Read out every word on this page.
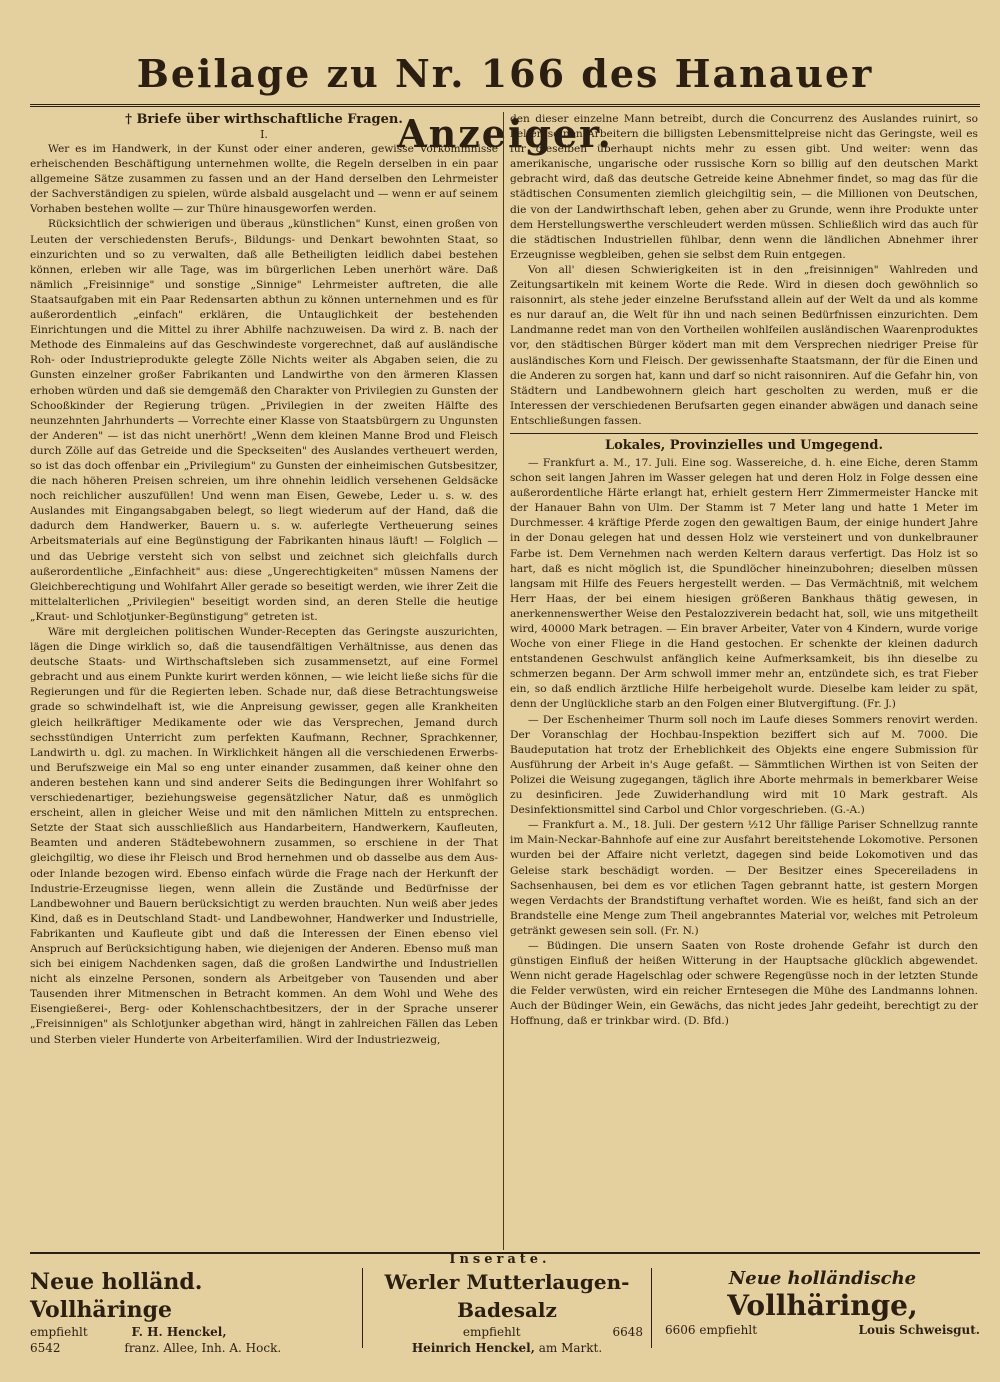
Beilage zu Nr. 166 des Hanauer Anzeiger.
† Briefe über wirthschaftliche Fragen.
I.

Wer es im Handwerk, in der Kunst oder einer anderen, gewisse Vorkommnisse erheischenden Beschäftigung unternehmen wollte, die Regeln derselben in ein paar allgemeine Sätze zusammen zu fassen und an der Hand derselben den Lehrmeister der Sachverständigen zu spielen, würde alsbald ausgelacht und — wenn er auf seinem Vorhaben bestehen wollte — zur Thüre hinausgeworfen werden.

Rücksichtlich der schwierigen und überaus „künstlichen" Kunst, einen großen von Leuten der verschiedensten Berufs-, Bildungs- und Denkart bewohnten Staat, so einzurichten und so zu verwalten, daß alle Betheiligten leidlich dabei bestehen können, erleben wir alle Tage, was im bürgerlichen Leben unerhört wäre. Daß nämlich „Freisinnige" und sonstige „Sinnige" Lehrmeister auftreten, die alle Staatsaufgaben mit ein Paar Redensarten abthun zu können unternehmen und es für außerordentlich „einfach" erklären, die Untauglichkeit der bestehenden Einrichtungen und die Mittel zu ihrer Abhilfe nachzuweisen. Da wird z. B. nach der Methode des Einmaleins auf das Geschwindeste vorgerechnet, daß auf ausländische Roh- oder Industrieprodukte gelegte Zölle Nichts weiter als Abgaben seien, die zu Gunsten einzelner großer Fabrikanten und Landwirthe von den ärmeren Klassen erhoben würden und daß sie demgemäß den Charakter von Privilegien zu Gunsten der Schooßkinder der Regierung trügen. „Privilegien in der zweiten Hälfte des neunzehnten Jahrhunderts — Vorrechte einer Klasse von Staatsbürgern zu Ungunsten der Anderen" — ist das nicht unerhört! „Wenn dem kleinen Manne Brod und Fleisch durch Zölle auf das Getreide und die Speckseiten" des Auslandes vertheuert werden, so ist das doch offenbar ein „Privilegium" zu Gunsten der einheimischen Gutsbesitzer, die nach höheren Preisen schreien, um ihre ohnehin leidlich versehenen Geldsäcke noch reichlicher auszufüllen! Und wenn man Eisen, Gewebe, Leder u. s. w. des Auslandes mit Eingangsabgaben belegt, so liegt wiederum auf der Hand, daß die dadurch dem Handwerker, Bauern u. s. w. auferlegte Vertheuerung seines Arbeitsmaterials auf eine Begünstigung der Fabrikanten hinaus läuft! — Folglich — und das Uebrige versteht sich von selbst und zeichnet sich gleichfalls durch außerordentliche „Einfachheit" aus: diese „Ungerechtigkeiten" müssen Namens der Gleichberechtigung und Wohlfahrt Aller gerade so beseitigt werden, wie ihrer Zeit die mittelalterlichen „Privilegien" beseitigt worden sind, an deren Stelle die heutige „Kraut- und Schlotjunker-Begünstigung" getreten ist.

Wäre mit dergleichen politischen Wunder-Recepten das Geringste auszurichten, lägen die Dinge wirklich so, daß die tausendfältigen Verhältnisse, aus denen das deutsche Staats- und Wirthschaftsleben sich zusammensetzt, auf eine Formel gebracht und aus einem Punkte kurirt werden können, — wie leicht ließe sichs für die Regierungen und für die Regierten leben. Schade nur, daß diese Betrachtungsweise grade so schwindelhaft ist, wie die Anpreisung gewisser, gegen alle Krankheiten gleich heilkräftiger Medikamente oder wie das Versprechen, Jemand durch sechsstündigen Unterricht zum perfekten Kaufmann, Rechner, Sprachkenner, Landwirth u. dgl. zu machen. In Wirklichkeit hängen all die verschiedenen Erwerbs- und Berufszweige ein Mal so eng unter einander zusammen, daß keiner ohne den anderen bestehen kann und sind anderer Seits die Bedingungen ihrer Wohlfahrt so verschiedenartiger, beziehungsweise gegensätzlicher Natur, daß es unmöglich erscheint, allen in gleicher Weise und mit den nämlichen Mitteln zu entsprechen. Setzte der Staat sich ausschließlich aus Handarbeitern, Handwerkern, Kaufleuten, Beamten und anderen Städtebewohnern zusammen, so erschiene in der That gleichgiltig, wo diese ihr Fleisch und Brod hernehmen und ob dasselbe aus dem Aus- oder Inlande bezogen wird. Ebenso einfach würde die Frage nach der Herkunft der Industrie-Erzeugnisse liegen, wenn allein die Zustände und Bedürfnisse der Landbewohner und Bauern berücksichtigt zu werden brauchten. Nun weiß aber jedes Kind, daß es in Deutschland Stadt- und Landbewohner, Handwerker und Industrielle, Fabrikanten und Kaufleute gibt und daß die Interessen der Einen ebenso viel Anspruch auf Berücksichtigung haben, wie diejenigen der Anderen. Ebenso muß man sich bei einigem Nachdenken sagen, daß die großen Landwirthe und Industriellen nicht als einzelne Personen, sondern als Arbeitgeber von Tausenden und aber Tausenden ihrer Mitmenschen in Betracht kommen. An dem Wohl und Wehe des Eisengießerei-, Berg- oder Kohlenschachtbesitzers, der in der Sprache unserer „Freisinnigen" als Schlotjunker abgethan wird, hängt in zahlreichen Fällen das Leben und Sterben vieler Hunderte von Arbeiterfamilien. Wird der Industriezweig,

den dieser einzelne Mann betreibt, durch die Concurrenz des Auslandes ruinirt, so helfen seinen Arbeitern die billigsten Lebensmittelpreise nicht das Geringste, weil es für dieselben überhaupt nichts mehr zu essen gibt. Und weiter: wenn das amerikanische, ungarische oder russische Korn so billig auf den deutschen Markt gebracht wird, daß das deutsche Getreide keine Abnehmer findet, so mag das für die städtischen Consumenten ziemlich gleichgiltig sein, — die Millionen von Deutschen, die von der Landwirthschaft leben, gehen aber zu Grunde, wenn ihre Produkte unter dem Herstellungswerthe verschleudert werden müssen. Schließlich wird das auch für die städtischen Industriellen fühlbar, denn wenn die ländlichen Abnehmer ihrer Erzeugnisse wegbleiben, gehen sie selbst dem Ruin entgegen.

Von all' diesen Schwierigkeiten ist in den „freisinnigen" Wahlreden und Zeitungsartikeln mit keinem Worte die Rede. Wird in diesen doch gewöhnlich so raisonnirt, als stehe jeder einzelne Berufsstand allein auf der Welt da und als komme es nur darauf an, die Welt für ihn und nach seinen Bedürfnissen einzurichten. Dem Landmanne redet man von den Vortheilen wohlfeilen ausländischen Waarenproduktes vor, den städtischen Bürger ködert man mit dem Versprechen niedriger Preise für ausländisches Korn und Fleisch. Der gewissenhafte Staatsmann, der für die Einen und die Anderen zu sorgen hat, kann und darf so nicht raisonniren. Auf die Gefahr hin, von Städtern und Landbewohnern gleich hart gescholten zu werden, muß er die Interessen der verschiedenen Berufsarten gegen einander abwägen und danach seine Entschließungen fassen.

Lokales, Provinzielles und Umgegend.

— Frankfurt a. M., 17. Juli. Eine sog. Wassereiche, d. h. eine Eiche, deren Stamm schon seit langen Jahren im Wasser gelegen hat und deren Holz in Folge dessen eine außerordentliche Härte erlangt hat, erhielt gestern Herr Zimmermeister Hancke mit der Hanauer Bahn von Ulm. Der Stamm ist 7 Meter lang und hatte 1 Meter im Durchmesser. 4 kräftige Pferde zogen den gewaltigen Baum, der einige hundert Jahre in der Donau gelegen hat und dessen Holz wie versteinert und von dunkelbrauner Farbe ist. Dem Vernehmen nach werden Keltern daraus verfertigt. Das Holz ist so hart, daß es nicht möglich ist, die Spundlöcher hineinzubohren; dieselben müssen langsam mit Hilfe des Feuers hergestellt werden. — Das Vermächtniß, mit welchem Herr Haas, der bei einem hiesigen größeren Bankhaus thätig gewesen, in anerkennenswerther Weise den Pestalozziverein bedacht hat, soll, wie uns mitgetheilt wird, 40000 Mark betragen. — Ein braver Arbeiter, Vater von 4 Kindern, wurde vorige Woche von einer Fliege in die Hand gestochen. Er schenkte der kleinen dadurch entstandenen Geschwulst anfänglich keine Aufmerksamkeit, bis ihn dieselbe zu schmerzen begann. Der Arm schwoll immer mehr an, entzündete sich, es trat Fieber ein, so daß endlich ärztliche Hilfe herbeigeholt wurde. Dieselbe kam leider zu spät, denn der Unglückliche starb an den Folgen einer Blutvergiftung. (Fr. J.)

— Der Eschenheimer Thurm soll noch im Laufe dieses Sommers renovirt werden. Der Voranschlag der Hochbau-Inspektion beziffert sich auf M. 7000. Die Baudeputation hat trotz der Erheblichkeit des Objekts eine engere Submission für Ausführung der Arbeit in's Auge gefaßt. — Sämmtlichen Wirthen ist von Seiten der Polizei die Weisung zugegangen, täglich ihre Aborte mehrmals in bemerkbarer Weise zu desinficiren. Jede Zuwiderhandlung wird mit 10 Mark gestraft. Als Desinfektionsmittel sind Carbol und Chlor vorgeschrieben. (G.-A.)

— Frankfurt a. M., 18. Juli. Der gestern ½12 Uhr fällige Pariser Schnellzug rannte im Main-Neckar-Bahnhofe auf eine zur Ausfahrt bereitstehende Lokomotive. Personen wurden bei der Affaire nicht verletzt, dagegen sind beide Lokomotiven und das Geleise stark beschädigt worden. — Der Besitzer eines Specereiladens in Sachsenhausen, bei dem es vor etlichen Tagen gebrannt hatte, ist gestern Morgen wegen Verdachts der Brandstiftung verhaftet worden. Wie es heißt, fand sich an der Brandstelle eine Menge zum Theil angebranntes Material vor, welches mit Petroleum getränkt gewesen sein soll. (Fr. N.)

— Büdingen. Die unsern Saaten von Roste drohende Gefahr ist durch den günstigen Einfluß der heißen Witterung in der Hauptsache glücklich abgewendet. Wenn nicht gerade Hagelschlag oder schwere Regengüsse noch in der letzten Stunde die Felder verwüsten, wird ein reicher Erntesegen die Mühe des Landmanns lohnen. Auch der Büdinger Wein, ein Gewächs, das nicht jedes Jahr gedeiht, berechtigt zu der Hoffnung, daß er trinkbar wird. (D. Bfd.)

Inserate.
Neue holländ. Vollhäringe
empfiehlt	F. H. Henckel,
6542	franz. Allee, Inh. A. Hock.
Werler Mutterlaugen-Badesalz
empfiehlt	6648
Heinrich Henckel, am Markt.
Neue holländische
Vollhäringe,
6606 empfiehlt	Louis Schweisgut.
